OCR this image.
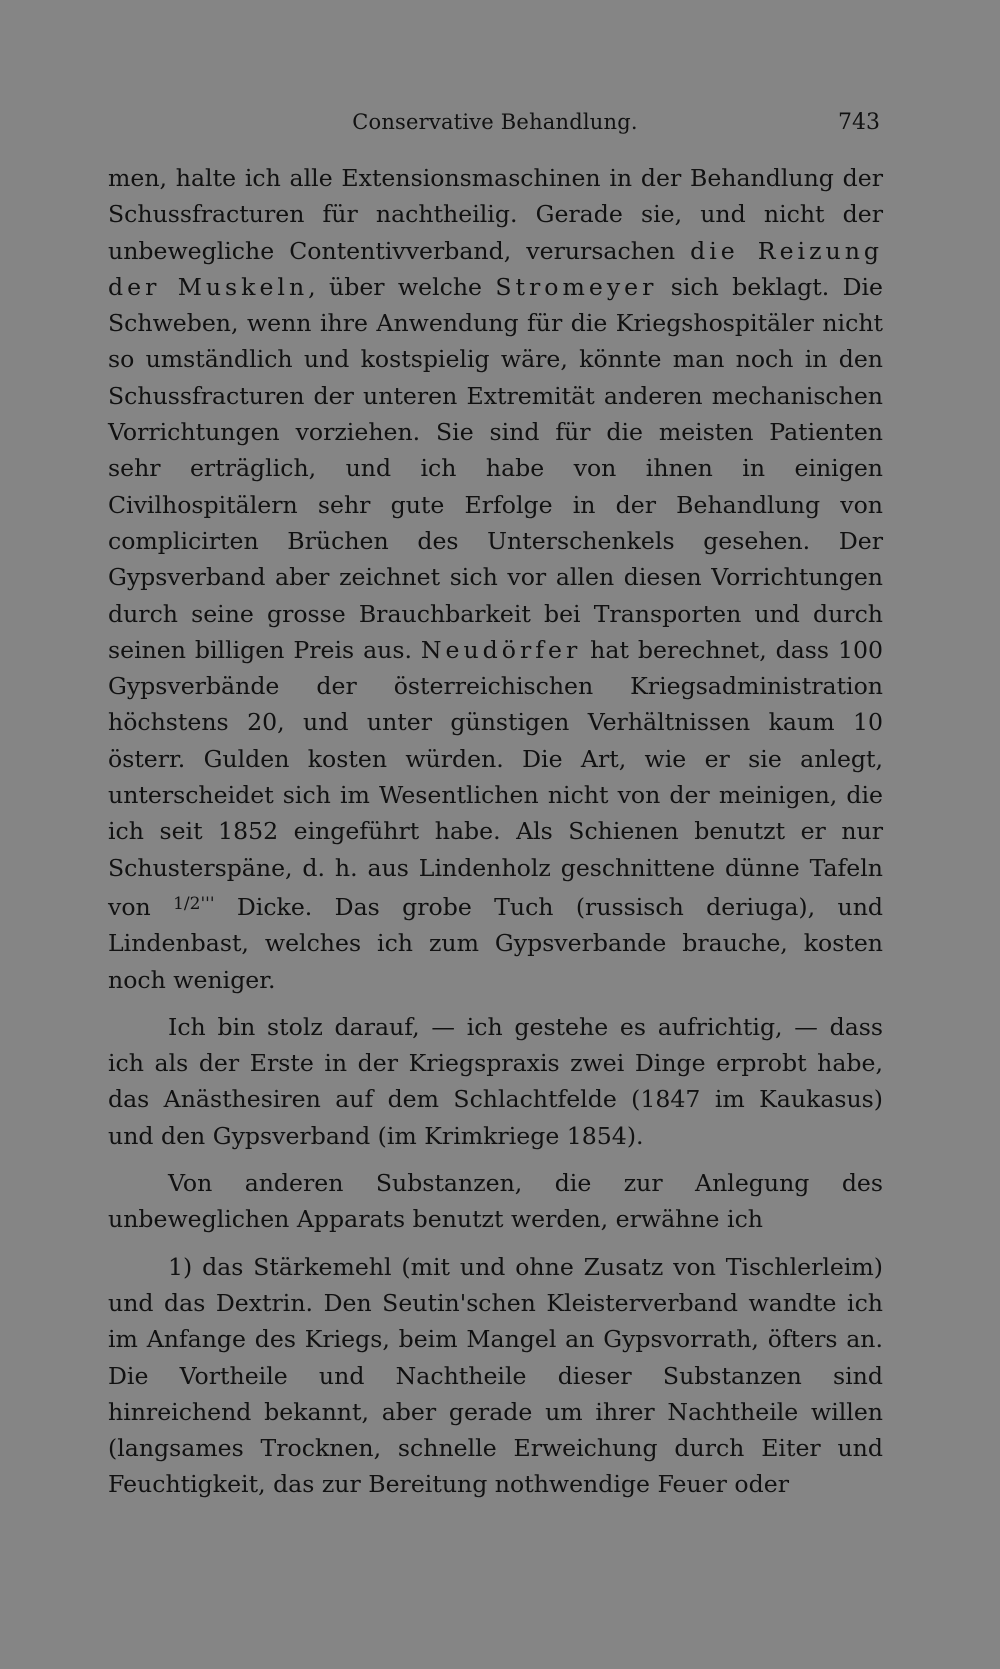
Conservative Behandlung.	743

men, halte ich alle Extensionsmaschinen in der Behandlung der Schussfracturen für nachtheilig. Gerade sie, und nicht der unbewegliche Contentivverband, verursachen die Reizung der Muskeln, über welche Stromeyer sich beklagt. Die Schweben, wenn ihre Anwendung für die Kriegshospitäler nicht so umständlich und kostspielig wäre, könnte man noch in den Schussfracturen der unteren Extremität anderen mechanischen Vorrichtungen vorziehen. Sie sind für die meisten Patienten sehr erträglich, und ich habe von ihnen in einigen Civilhospitälern sehr gute Erfolge in der Behandlung von complicirten Brüchen des Unterschenkels gesehen. Der Gypsverband aber zeichnet sich vor allen diesen Vorrichtungen durch seine grosse Brauchbarkeit bei Transporten und durch seinen billigen Preis aus. Neudörfer hat berechnet, dass 100 Gypsverbände der österreichischen Kriegsadministration höchstens 20, und unter günstigen Verhältnissen kaum 10 österr. Gulden kosten würden. Die Art, wie er sie anlegt, unterscheidet sich im Wesentlichen nicht von der meinigen, die ich seit 1852 eingeführt habe. Als Schienen benutzt er nur Schusterspäne, d. h. aus Lindenholz geschnittene dünne Tafeln von $^{1/2'''}$ Dicke. Das grobe Tuch (russisch deriuga), und Lindenbast, welches ich zum Gypsverbande brauche, kosten noch weniger.

Ich bin stolz darauf, — ich gestehe es aufrichtig, — dass ich als der Erste in der Kriegspraxis zwei Dinge erprobt habe, das Anästhesiren auf dem Schlachtfelde (1847 im Kaukasus) und den Gypsverband (im Krimkriege 1854).

Von anderen Substanzen, die zur Anlegung des unbeweglichen Apparats benutzt werden, erwähne ich

1) das Stärkemehl (mit und ohne Zusatz von Tischlerleim) und das Dextrin. Den Seutin'schen Kleisterverband wandte ich im Anfange des Kriegs, beim Mangel an Gypsvorrath, öfters an. Die Vortheile und Nachtheile dieser Substanzen sind hinreichend bekannt, aber gerade um ihrer Nachtheile willen (langsames Trocknen, schnelle Erweichung durch Eiter und Feuchtigkeit, das zur Bereitung nothwendige Feuer oder
